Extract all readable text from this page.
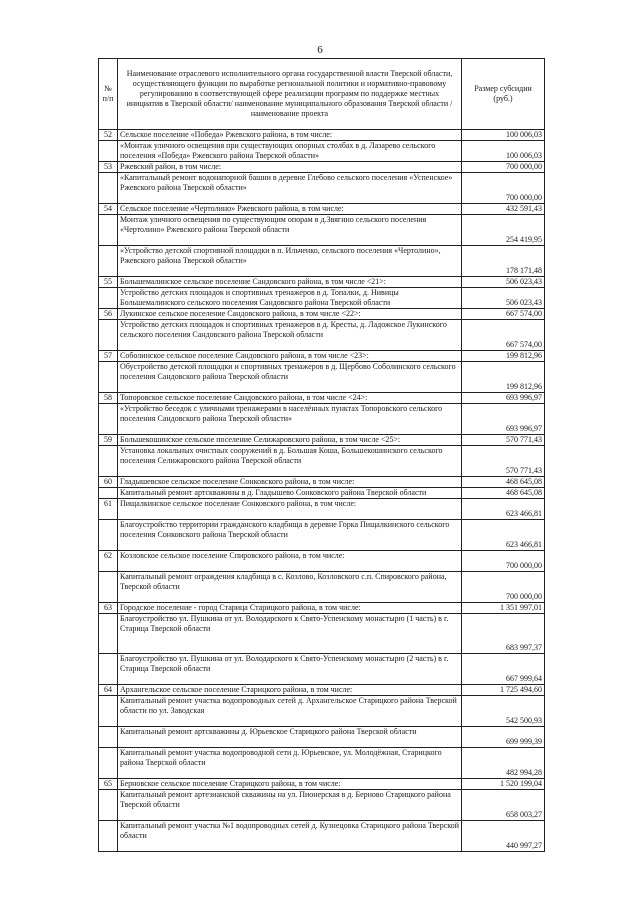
6
№ п/п	Наименование отраслевого исполнительного органа государственной власти Тверской области, осуществляющего функции по выработке региональной политики и нормативно-правовому регулированию в соответствующей сфере реализации программ по поддержке местных инициатив в Тверской области/ наименование муниципального образования Тверской области / наименование проекта	Размер субсидии (руб.)
52	Сельское поселение «Победа» Ржевского района, в том числе:	100 006,03
	«Монтаж уличного освещения при существующих опорных столбах в д. Лазарево сельского поселения «Победа» Ржевского района Тверской области»	100 006,03
53	Ржевский район, в том числе:	700 000,00
	«Капитальный ремонт водонапорной башни в деревне Глебово сельского поселения «Успенское» Ржевского района Тверской области»	700 000,00
54	Сельское поселение «Чертолино» Ржевского района, в том числе:	432 591,43
	Монтаж уличного освещения по существующим опорам в д.Звягино сельского поселения «Чертолино» Ржевского района Тверской области	254 419,95
	«Устройство детской спортивной площадки в п. Ильченко, сельского поселения «Чертолино», Ржевского района Тверской области»	178 171,48
55	Большемалинское сельское поселение Сандовского района, в том числе <21>:	506 023,43
	Устройство детских площадок и спортивных тренажеров в д. Топалки, д. Нивицы Большемалинского сельского поселения Сандовского района Тверской области	506 023,43
56	Лукинское сельское поселение Сандовского района, в том числе <22>:	667 574,00
	Устройство детских площадок и спортивных тренажеров в д. Кресты, д. Ладожское Лукинского сельского поселения Сандовского района Тверской области	667 574,00
57	Соболинское сельское поселение Сандовского района, в том числе <23>:	199 812,96
	Обустройство детской площадки и спортивных тренажеров в д. Щербово Соболинского сельского поселения Сандовского района Тверской области	199 812,96
58	Топоровское сельское поселение Сандовского района, в том числе <24>:	693 996,97
	«Устройство беседок с уличными тренажерами в населённых пунктах Топоровского сельского поселения Сандовского района Тверской области»	693 996,97
59	Большекошинское сельское поселение Селижаровского района, в том числе <25>:	570 771,43
	Установка локальных очистных сооружений в д. Большая Коша, Большекошинского сельского поселения Селижаровского района Тверской области	570 771,43
60	Гладышевское сельское поселение Сонковского района, в том числе:	468 645,08
	Капитальный ремонт артскважины в д. Гладышево Сонковского района Тверской области	468 645,08
61	Пищалкинское сельское поселение Сонковского района, в том числе:	623 466,81
	Благоустройство территории гражданского кладбища в деревне Горка Пищалкинского сельского поселения Сонковского района Тверской области	623 466,81
62	Козловское сельское поселение Спировского района, в том числе:	700 000,00
	Капитальный ремонт ограждения кладбища в с. Козлово, Козловского с.п. Спировского района, Тверской области	700 000,00
63	Городское поселение - город Старица Старицкого района, в том числе:	1 351 997,01
	Благоустройство ул. Пушкина от ул. Володарского к Свято-Успенскому монастырю (1 часть) в г. Старица Тверской области	683 997,37
	Благоустройство ул. Пушкина от ул. Володарского к Свято-Успенскому монастырю (2 часть) в г. Старица Тверской области	667 999,64
64	Архангельское сельское поселение Старицкого района, в том числе:	1 725 494,60
	Капитальный ремонт участка водопроводных сетей д. Архангельское Старицкого района Тверской области по ул. Заводская	542 500,93
	Капитальный ремонт артскважины д. Юрьевское Старицкого района Тверской области	699 999,39
	Капитальный ремонт участка водопроводной сети д. Юрьевское, ул. Молодёжная, Старицкого района Тверской области	482 994,28
65	Берновское сельское поселение Старицкого района, в том числе:	1 520 199,04
	Капитальный ремонт артезианской скважины на ул. Пионерская в д. Берново Старицкого района Тверской области	658 003,27
	Капитальный ремонт участка №1 водопроводных сетей д. Кузнецовка Старицкого района Тверской области	440 997,27
